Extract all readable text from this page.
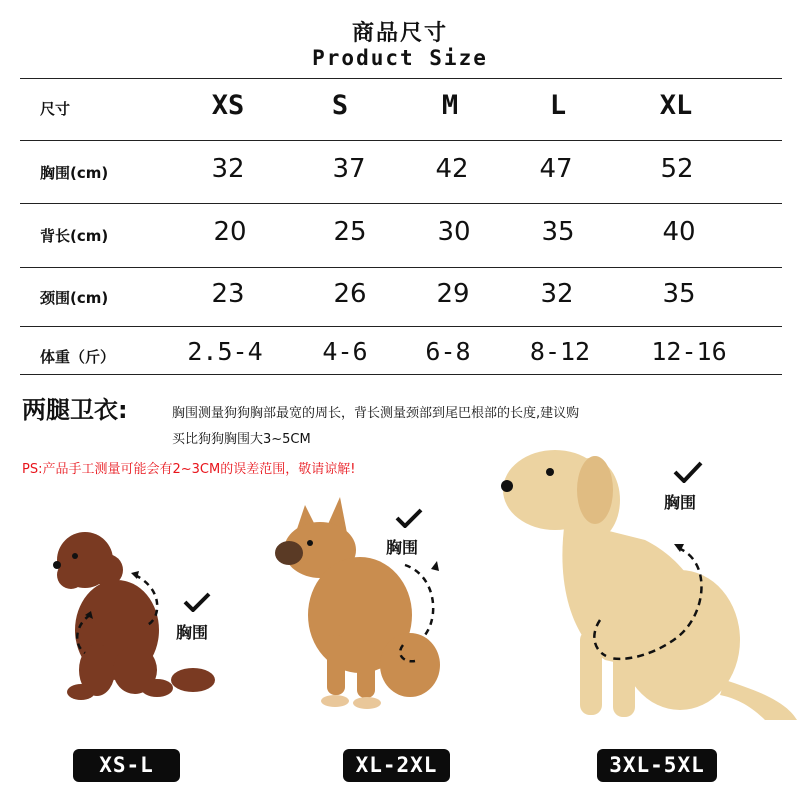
商品尺寸
Product Size
尺寸	XS	S	M	L	XL
胸围(cm)	32	37	42	47	52
背长(cm)	20	25	30	35	40
颈围(cm)	23	26	29	32	35
体重（斤）	2.5-4	4-6	6-8	8-12	12-16
两腿卫衣:	胸围测量狗狗胸部最宽的周长，背长测量颈部到尾巴根部的长度,建议购
买比狗狗胸围大3~5CM
PS:产品手工测量可能会有2~3CM的误差范围，敬请谅解!
胸围
胸围
胸围
XS-L	XL-2XL	3XL-5XL
